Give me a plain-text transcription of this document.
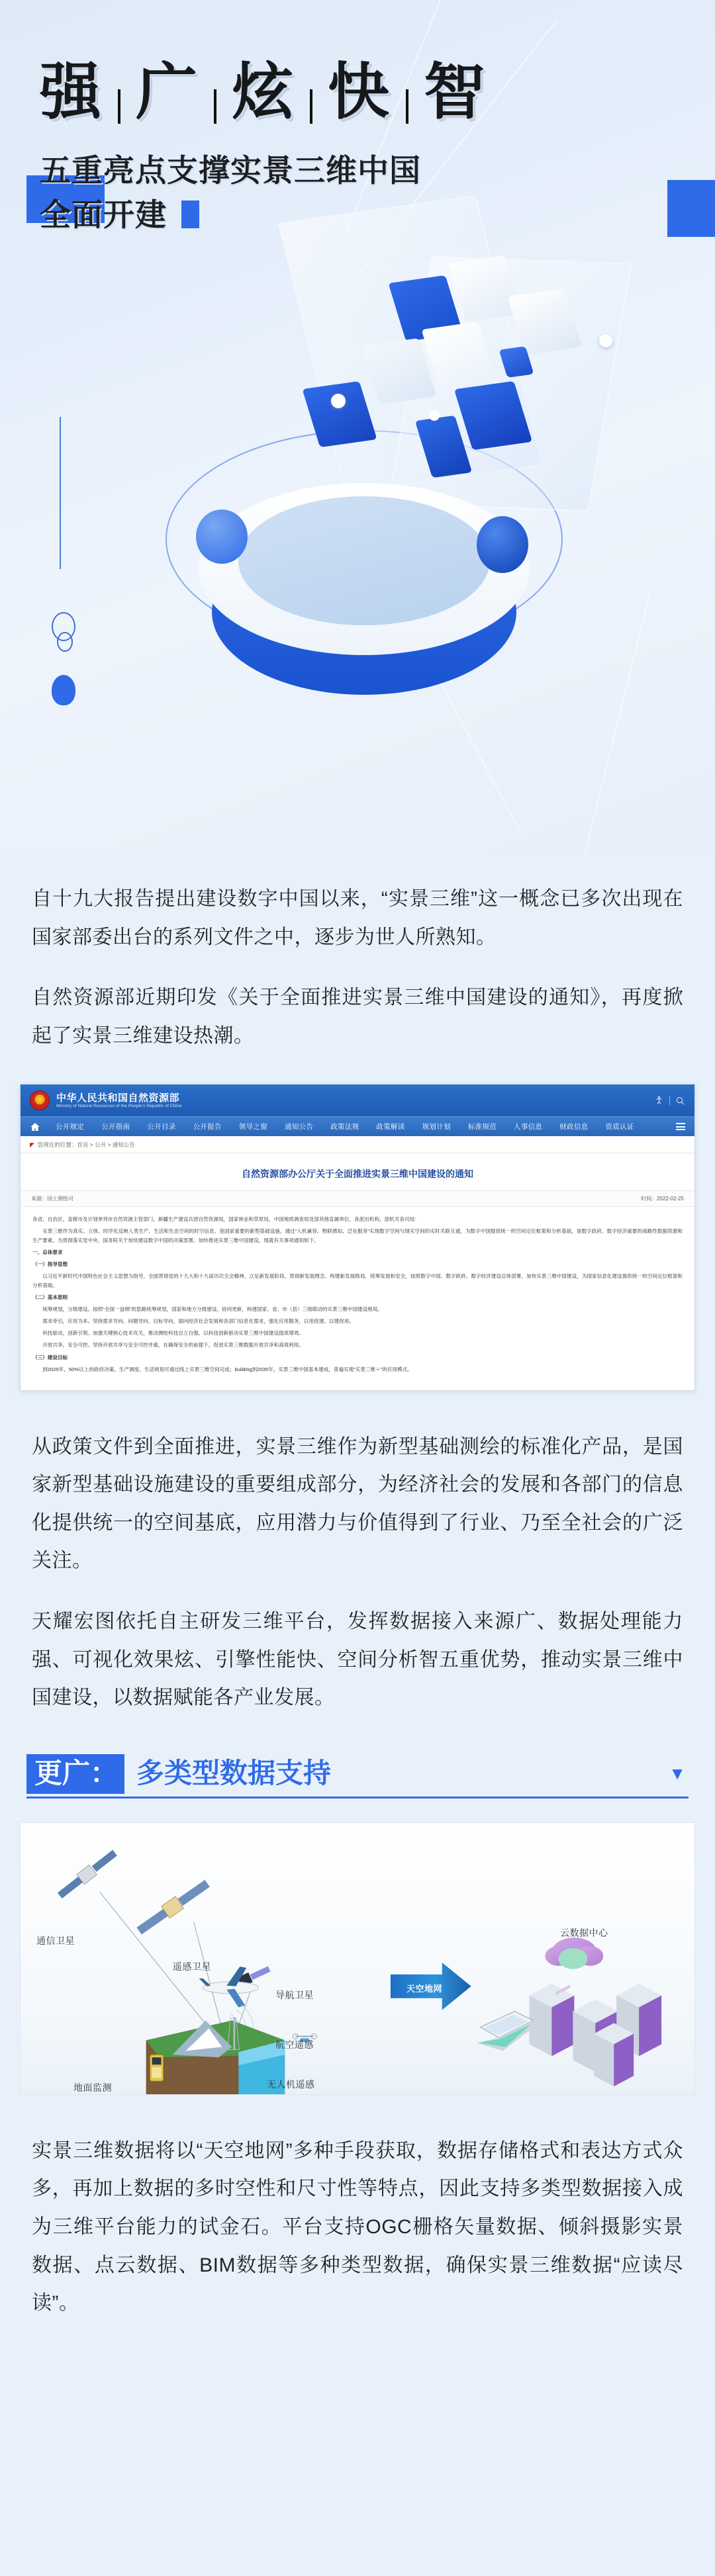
强 广 炫 快 智
五重亮点支撑实景三维中国
全面开建

自十九大报告提出建设数字中国以来，“实景三维”这一概念已多次出现在国家部委出台的系列文件之中，逐步为世人所熟知。

自然资源部近期印发《关于全面推进实景三维中国建设的通知》，再度掀起了实景三维建设热潮。

中华人民共和国自然资源部
Ministry of Natural Resources of the People's Republic of China
公开规定	公开指南	公开目录	公开报告	领导之窗	通知公告	政策法规	政策解读	规划计划	标准规范	人事信息	财政信息	资质认证
◤ 您现在的位置：首页 > 公开 > 通知公告
自然资源部办公厅关于全面推进实景三维中国建设的通知
来源：国土测绘司	时间：2022-02-25

各省、自治区、直辖市及计划单列市自然资源主管部门，新疆生产建设兵团自然资源局，国家林业和草原局，中国地质调查局及部其他直属单位，各派出机构，部机关各司局：

实景三维作为真实、立体、时序化反映人类生产、生活和生态空间的时空信息，是国家重要的新型基础设施，通过“人机兼容、物联感知、泛在服务”实现数字空间与现实空间的实时关联互通，为数字中国提供统一的空间定位框架和分析基础，是数字政府、数字经济重要的战略性数据资源和生产要素。为贯彻落实党中央、国务院关于加快建设数字中国的决策部署，加快推进实景三维中国建设，现就有关事项通知如下。

一、总体要求

（一）指导思想

以习近平新时代中国特色社会主义思想为指导，全面贯彻党的十九大和十九届历次全会精神，立足新发展阶段、贯彻新发展理念、构建新发展格局，统筹发展和安全，按照数字中国、数字政府、数字经济建设总体部署，加快实景三维中国建设，为国家信息化建设提供统一的空间定位框架和分析基础。

（二）基本原则

统筹规划，分级建设。按照“全国一盘棋”的思路统筹规划，国家和地方分级建设、协同更新，构建国家、省、市（县）三级联动的实景三维中国建设格局。

需求牵引，应用为本。坚持需求导向、问题导向、目标导向，面向经济社会发展和各部门信息化需求，强化应用服务，以用促建、以建促用。

科技驱动，创新引领。加强关键核心技术攻关，推动测绘科技自立自强，以科技创新驱动实景三维中国建设提质增效。

开放共享，安全可控。坚持开放共享与安全可控并重，在确保安全的前提下，促进实景三维数据开放共享和高效利用。

（三）建设目标

到2025年，50%以上的政府决策、生产调度、生活规划可通过线上实景三维空间完成；building到2035年，实景三维中国基本建成，普遍实现“实景三维＋”的应用模式。

从政策文件到全面推进，实景三维作为新型基础测绘的标准化产品，是国家新型基础设施建设的重要组成部分，为经济社会的发展和各部门的信息化提供统一的空间基底，应用潜力与价值得到了行业、乃至全社会的广泛关注。

天耀宏图依托自主研发三维平台，发挥数据接入来源广、数据处理能力强、可视化效果炫、引擎性能快、空间分析智五重优势，推动实景三维中国建设，以数据赋能各产业发展。

更广： 多类型数据支持	▼
通信卫星
遥感卫星
导航卫星
航空遥感
无人机遥感
地面监测
云数据中心
天空地网

实景三维数据将以“天空地网”多种手段获取，数据存储格式和表达方式众多，再加上数据的多时空性和尺寸性等特点，因此支持多类型数据接入成为三维平台能力的试金石。平台支持OGC栅格矢量数据、倾斜摄影实景数据、点云数据、BIM数据等多种类型数据，确保实景三维数据“应读尽读”。
